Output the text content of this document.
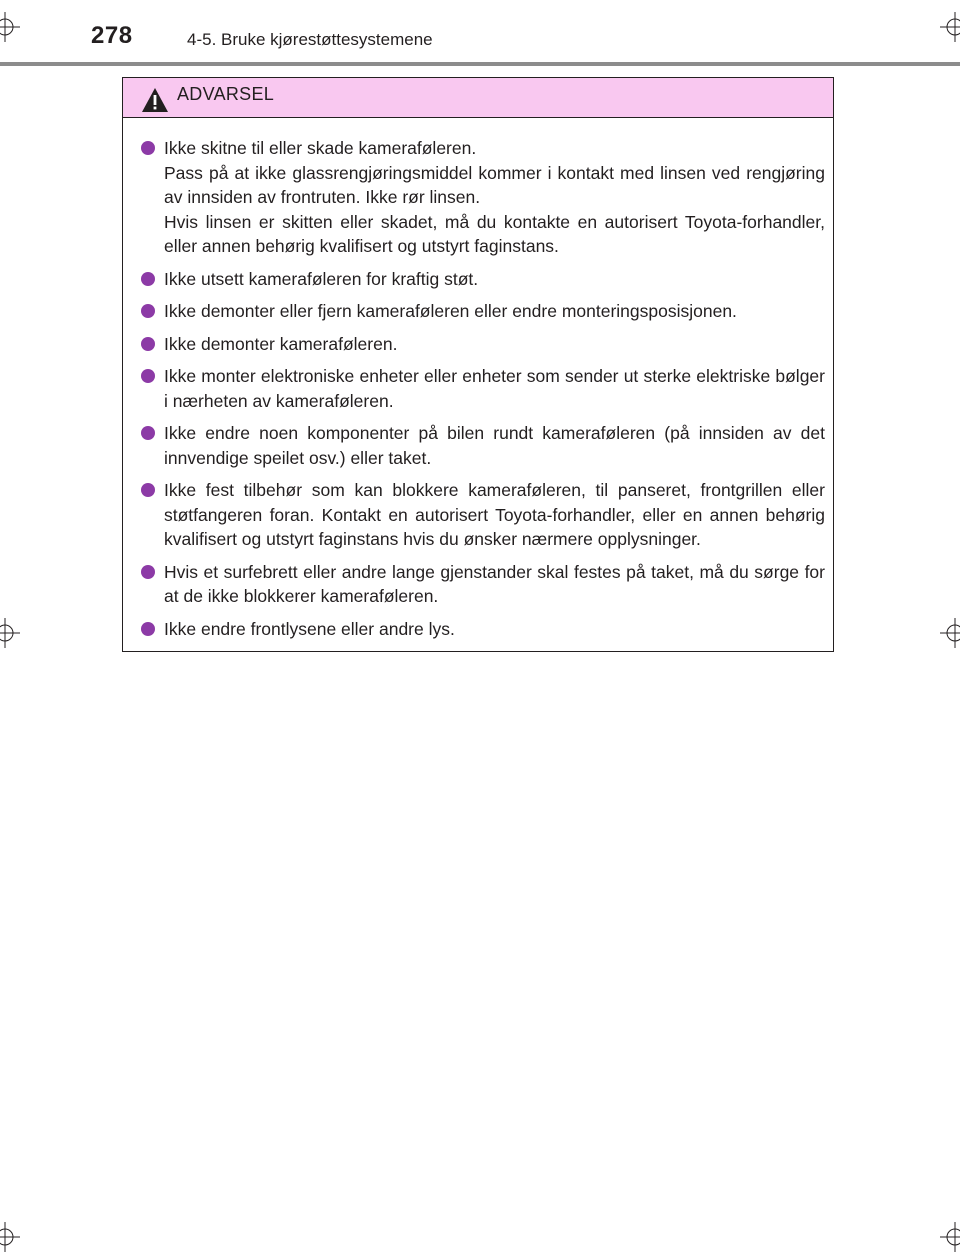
278	4-5. Bruke kjørestøttesystemene
ADVARSEL

Ikke skitne til eller skade kameraføleren.

Pass på at ikke glassrengjøringsmiddel kommer i kontakt med linsen ved rengjøring av innsiden av frontruten. Ikke rør linsen.

Hvis linsen er skitten eller skadet, må du kontakte en autorisert Toyota-forhandler, eller annen behørig kvalifisert og utstyrt faginstans.

Ikke utsett kameraføleren for kraftig støt.

Ikke demonter eller fjern kameraføleren eller endre monteringsposisjonen.

Ikke demonter kameraføleren.

Ikke monter elektroniske enheter eller enheter som sender ut sterke elektriske bølger i nærheten av kameraføleren.

Ikke endre noen komponenter på bilen rundt kameraføleren (på innsiden av det innvendige speilet osv.) eller taket.

Ikke fest tilbehør som kan blokkere kameraføleren, til panseret, frontgrillen eller støtfangeren foran. Kontakt en autorisert Toyota-forhandler, eller en annen behørig kvalifisert og utstyrt faginstans hvis du ønsker nærmere opplysninger.

Hvis et surfebrett eller andre lange gjenstander skal festes på taket, må du sørge for at de ikke blokkerer kameraføleren.

Ikke endre frontlysene eller andre lys.
